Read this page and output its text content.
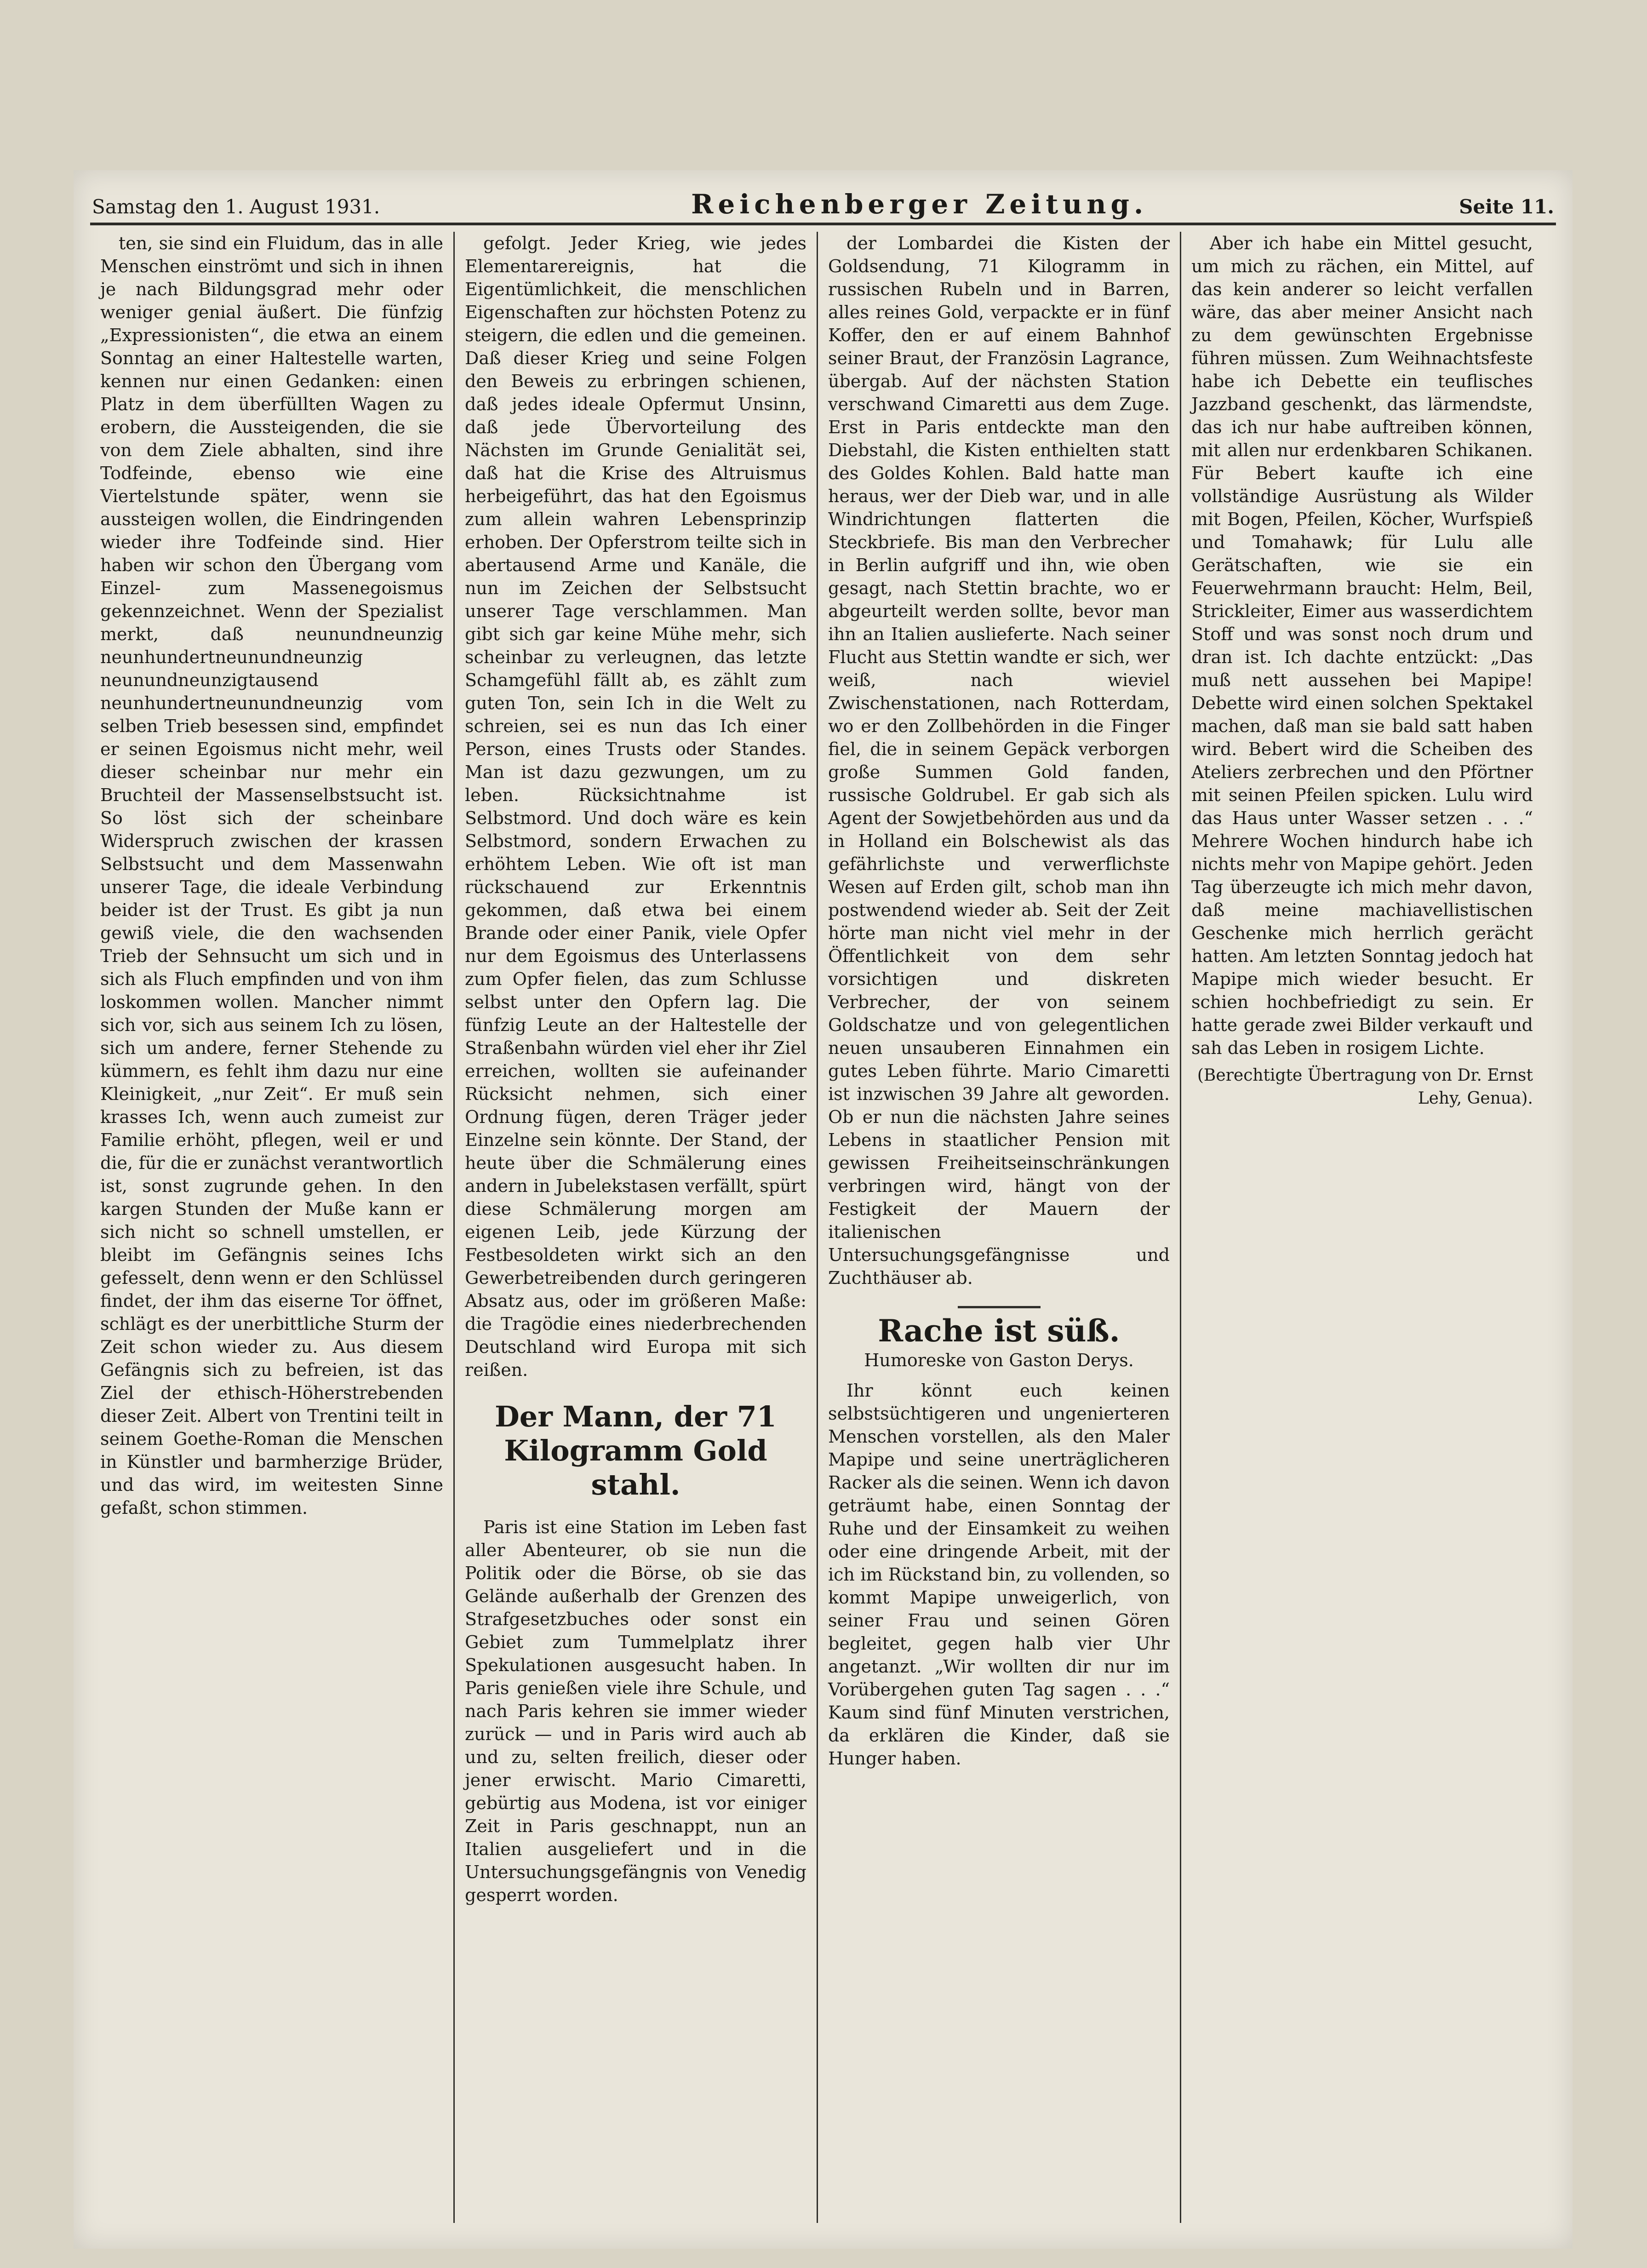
Samstag den 1. August 1931.	Reichenberger Zeitung.	Seite 11.

ten, sie sind ein Fluidum, das in alle Menschen einströmt und sich in ihnen je nach Bildungsgrad mehr oder weniger genial äußert. Die fünfzig „Expressionisten“, die etwa an einem Sonntag an einer Haltestelle warten, kennen nur einen Gedanken: einen Platz in dem überfüllten Wagen zu erobern, die Aussteigenden, die sie von dem Ziele abhalten, sind ihre Todfeinde, ebenso wie eine Viertelstunde später, wenn sie aussteigen wollen, die Eindringenden wieder ihre Todfeinde sind. Hier haben wir schon den Übergang vom Einzel- zum Massenegoismus gekennzeichnet. Wenn der Spezialist merkt, daß neunundneunzig neunhundertneunundneunzig neunundneunzigtausend neunhundertneunundneunzig vom selben Trieb besessen sind, empfindet er seinen Egoismus nicht mehr, weil dieser scheinbar nur mehr ein Bruchteil der Massenselbstsucht ist. So löst sich der scheinbare Widerspruch zwischen der krassen Selbstsucht und dem Massenwahn unserer Tage, die ideale Verbindung beider ist der Trust. Es gibt ja nun gewiß viele, die den wachsenden Trieb der Sehnsucht um sich und in sich als Fluch empfinden und von ihm loskommen wollen. Mancher nimmt sich vor, sich aus seinem Ich zu lösen, sich um andere, ferner Stehende zu kümmern, es fehlt ihm dazu nur eine Kleinigkeit, „nur Zeit“. Er muß sein krasses Ich, wenn auch zumeist zur Familie erhöht, pflegen, weil er und die, für die er zunächst verantwortlich ist, sonst zugrunde gehen. In den kargen Stunden der Muße kann er sich nicht so schnell umstellen, er bleibt im Gefängnis seines Ichs gefesselt, denn wenn er den Schlüssel findet, der ihm das eiserne Tor öffnet, schlägt es der unerbittliche Sturm der Zeit schon wieder zu. Aus diesem Gefängnis sich zu befreien, ist das Ziel der ethisch-Höherstrebenden dieser Zeit. Albert von Trentini teilt in seinem Goethe-Roman die Menschen in Künstler und barmherzige Brüder, und das wird, im weitesten Sinne gefaßt, schon stimmen.

gefolgt. Jeder Krieg, wie jedes Elementarereignis, hat die Eigentümlichkeit, die menschlichen Eigenschaften zur höchsten Potenz zu steigern, die edlen und die gemeinen. Daß dieser Krieg und seine Folgen den Beweis zu erbringen schienen, daß jedes ideale Opfermut Unsinn, daß jede Übervorteilung des Nächsten im Grunde Genialität sei, daß hat die Krise des Altruismus herbeigeführt, das hat den Egoismus zum allein wahren Lebensprinzip erhoben. Der Opferstrom teilte sich in abertausend Arme und Kanäle, die nun im Zeichen der Selbstsucht unserer Tage verschlammen. Man gibt sich gar keine Mühe mehr, sich scheinbar zu verleugnen, das letzte Schamgefühl fällt ab, es zählt zum guten Ton, sein Ich in die Welt zu schreien, sei es nun das Ich einer Person, eines Trusts oder Standes. Man ist dazu gezwungen, um zu leben. Rücksichtnahme ist Selbstmord. Und doch wäre es kein Selbstmord, sondern Erwachen zu erhöhtem Leben. Wie oft ist man rückschauend zur Erkenntnis gekommen, daß etwa bei einem Brande oder einer Panik, viele Opfer nur dem Egoismus des Unterlassens zum Opfer fielen, das zum Schlusse selbst unter den Opfern lag. Die fünfzig Leute an der Haltestelle der Straßenbahn würden viel eher ihr Ziel erreichen, wollten sie aufeinander Rücksicht nehmen, sich einer Ordnung fügen, deren Träger jeder Einzelne sein könnte. Der Stand, der heute über die Schmälerung eines andern in Jubelekstasen verfällt, spürt diese Schmälerung morgen am eigenen Leib, jede Kürzung der Festbesoldeten wirkt sich an den Gewerbetreibenden durch geringeren Absatz aus, oder im größeren Maße: die Tragödie eines niederbrechenden Deutschland wird Europa mit sich reißen.

Der Mann, der 71 Kilogramm Gold stahl.

Paris ist eine Station im Leben fast aller Abenteurer, ob sie nun die Politik oder die Börse, ob sie das Gelände außerhalb der Grenzen des Strafgesetzbuches oder sonst ein Gebiet zum Tummelplatz ihrer Spekulationen ausgesucht haben. In Paris genießen viele ihre Schule, und nach Paris kehren sie immer wieder zurück — und in Paris wird auch ab und zu, selten freilich, dieser oder jener erwischt. Mario Cimaretti, gebürtig aus Modena, ist vor einiger Zeit in Paris geschnappt, nun an Italien ausgeliefert und in die Untersuchungsgefängnis von Venedig gesperrt worden.

der Lombardei die Kisten der Goldsendung, 71 Kilogramm in russischen Rubeln und in Barren, alles reines Gold, verpackte er in fünf Koffer, den er auf einem Bahnhof seiner Braut, der Französin Lagrance, übergab. Auf der nächsten Station verschwand Cimaretti aus dem Zuge. Erst in Paris entdeckte man den Diebstahl, die Kisten enthielten statt des Goldes Kohlen. Bald hatte man heraus, wer der Dieb war, und in alle Windrichtungen flatterten die Steckbriefe. Bis man den Verbrecher in Berlin aufgriff und ihn, wie oben gesagt, nach Stettin brachte, wo er abgeurteilt werden sollte, bevor man ihn an Italien auslieferte. Nach seiner Flucht aus Stettin wandte er sich, wer weiß, nach wieviel Zwischenstationen, nach Rotterdam, wo er den Zollbehörden in die Finger fiel, die in seinem Gepäck verborgen große Summen Gold fanden, russische Goldrubel. Er gab sich als Agent der Sowjetbehörden aus und da in Holland ein Bolschewist als das gefährlichste und verwerflichste Wesen auf Erden gilt, schob man ihn postwendend wieder ab. Seit der Zeit hörte man nicht viel mehr in der Öffentlichkeit von dem sehr vorsichtigen und diskreten Verbrecher, der von seinem Goldschatze und von gelegentlichen neuen unsauberen Einnahmen ein gutes Leben führte. Mario Cimaretti ist inzwischen 39 Jahre alt geworden. Ob er nun die nächsten Jahre seines Lebens in staatlicher Pension mit gewissen Freiheitseinschränkungen verbringen wird, hängt von der Festigkeit der Mauern der italienischen Untersuchungsgefängnisse und Zuchthäuser ab.

Rache ist süß.
Humoreske von Gaston Derys.

Ihr könnt euch keinen selbstsüchtigeren und ungenierteren Menschen vorstellen, als den Maler Mapipe und seine unerträglicheren Racker als die seinen. Wenn ich davon geträumt habe, einen Sonntag der Ruhe und der Einsamkeit zu weihen oder eine dringende Arbeit, mit der ich im Rückstand bin, zu vollenden, so kommt Mapipe unweigerlich, von seiner Frau und seinen Gören begleitet, gegen halb vier Uhr angetanzt. „Wir wollten dir nur im Vorübergehen guten Tag sagen . . .“ Kaum sind fünf Minuten verstrichen, da erklären die Kinder, daß sie Hunger haben.

Aber ich habe ein Mittel gesucht, um mich zu rächen, ein Mittel, auf das kein anderer so leicht verfallen wäre, das aber meiner Ansicht nach zu dem gewünschten Ergebnisse führen müssen. Zum Weihnachtsfeste habe ich Debette ein teuflisches Jazzband geschenkt, das lärmendste, das ich nur habe auftreiben können, mit allen nur erdenkbaren Schikanen. Für Bebert kaufte ich eine vollständige Ausrüstung als Wilder mit Bogen, Pfeilen, Köcher, Wurfspieß und Tomahawk; für Lulu alle Gerätschaften, wie sie ein Feuerwehrmann braucht: Helm, Beil, Strickleiter, Eimer aus wasserdichtem Stoff und was sonst noch drum und dran ist. Ich dachte entzückt: „Das muß nett aussehen bei Mapipe! Debette wird einen solchen Spektakel machen, daß man sie bald satt haben wird. Bebert wird die Scheiben des Ateliers zerbrechen und den Pförtner mit seinen Pfeilen spicken. Lulu wird das Haus unter Wasser setzen . . .“ Mehrere Wochen hindurch habe ich nichts mehr von Mapipe gehört. Jeden Tag überzeugte ich mich mehr davon, daß meine machiavellistischen Geschenke mich herrlich gerächt hatten. Am letzten Sonntag jedoch hat Mapipe mich wieder besucht. Er schien hochbefriedigt zu sein. Er hatte gerade zwei Bilder verkauft und sah das Leben in rosigem Lichte.

(Berechtigte Übertragung von Dr. Ernst Lehy, Genua).
